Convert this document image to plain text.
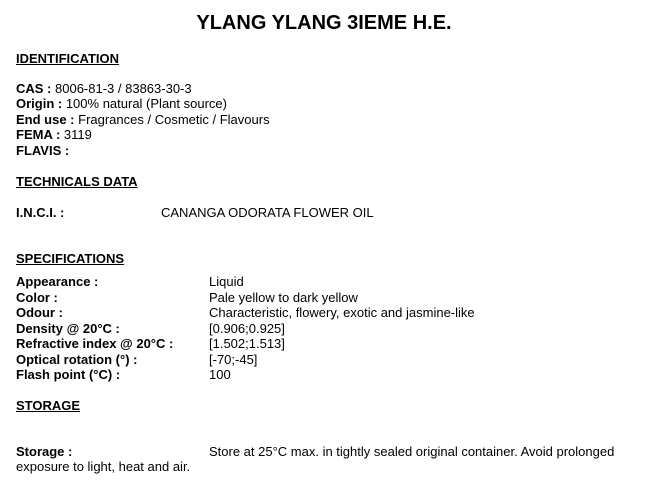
YLANG YLANG 3IEME H.E.
IDENTIFICATION
CAS : 8006-81-3 / 83863-30-3
Origin : 100% natural (Plant source)
End use : Fragrances / Cosmetic / Flavours
FEMA : 3119
FLAVIS :
TECHNICALS DATA
I.N.C.I. :	CANANGA ODORATA FLOWER OIL
SPECIFICATIONS
Appearance :	Liquid
Color :	Pale yellow to dark yellow
Odour :	Characteristic, flowery, exotic and jasmine-like
Density @ 20°C :	[0.906;0.925]
Refractive index @ 20°C :	[1.502;1.513]
Optical rotation (°) :	[-70;-45]
Flash point (°C) :	100
STORAGE
Storage :	Store at 25°C max. in tightly sealed original container. Avoid prolonged
exposure to light, heat and air.
